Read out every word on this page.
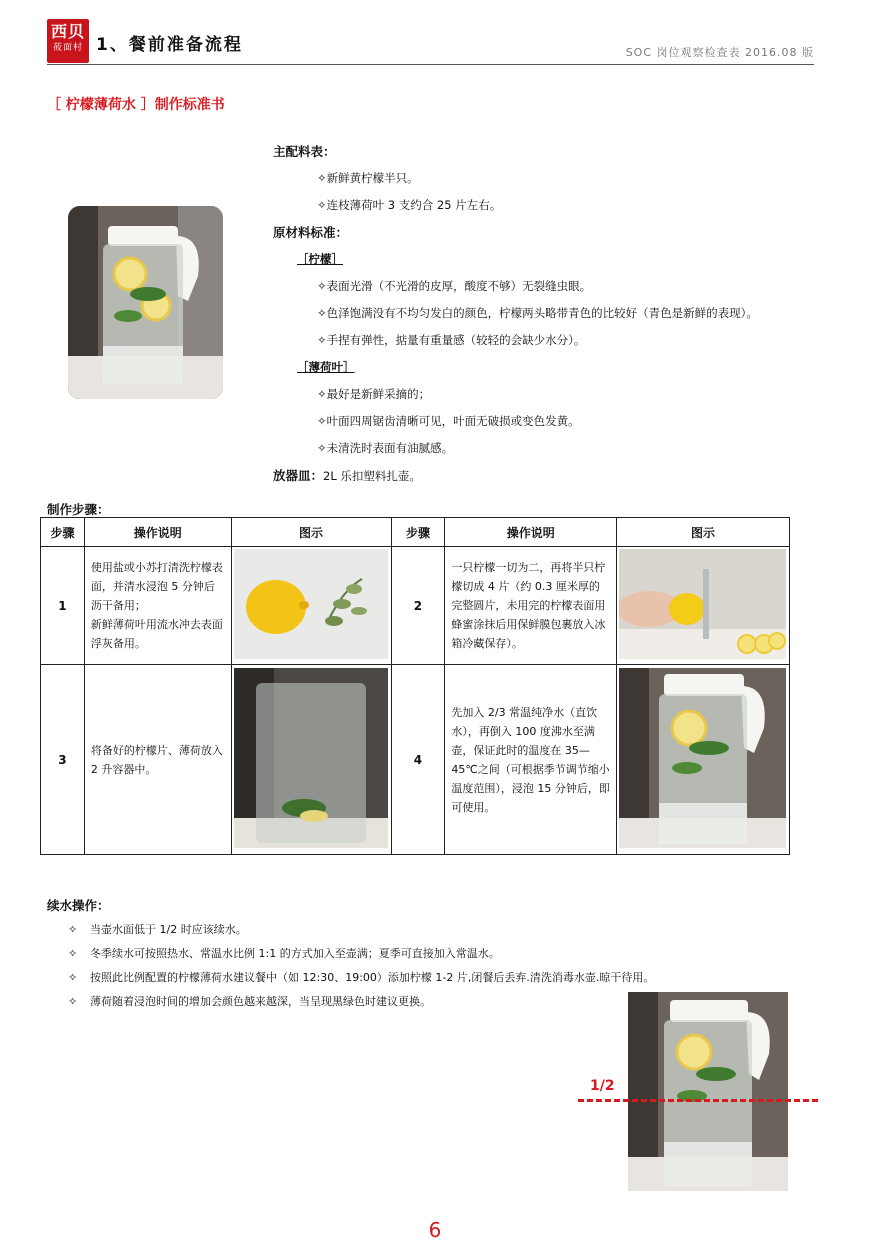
西贝
莜面村 1、餐前准备流程	SOC 岗位观察检查表 2016.08 版
［ 柠檬薄荷水 ］制作标准书
主配料表：
✧新鲜黄柠檬半只。
✧连枝薄荷叶 3 支约合 25 片左右。
原材料标准：
［柠檬］
✧表面光滑（不光滑的皮厚，酸度不够）无裂缝虫眼。
✧色泽饱满没有不均匀发白的颜色，柠檬两头略带青色的比较好（青色是新鲜的表现）。
✧手捏有弹性，掂量有重量感（较轻的会缺少水分）。
［薄荷叶］
✧最好是新鲜采摘的；
✧叶面四周锯齿清晰可见，叶面无破损或变色发黄。
✧未清洗时表面有油腻感。
放器皿：2L 乐扣塑料扎壶。
制作步骤：
步骤	操作说明	图示	步骤	操作说明	图示
1	使用盐或小苏打清洗柠檬表面，并清水浸泡 5 分钟后沥干备用；
新鲜薄荷叶用流水冲去表面浮灰备用。		2	一只柠檬一切为二，再将半只柠檬切成 4 片（约 0.3 厘米厚的完整圆片，未用完的柠檬表面用蜂蜜涂抹后用保鲜膜包裹放入冰箱冷藏保存）。	
3	将备好的柠檬片、薄荷放入 2 升容器中。		4	先加入 2/3 常温纯净水（直饮水），再倒入 100 度沸水至满壶，保证此时的温度在 35—45℃之间（可根据季节调节缩小温度范围），浸泡 15 分钟后，即可使用。	
续水操作：
✧ 当壶水面低于 1/2 时应该续水。
✧ 冬季续水可按照热水、常温水比例 1:1 的方式加入至壶满；夏季可直接加入常温水。
✧ 按照此比例配置的柠檬薄荷水建议餐中（如 12:30、19:00）添加柠檬 1-2 片,闭餐后丢弃.清洗消毒水壶.晾干待用。
✧ 薄荷随着浸泡时间的增加会颜色越来越深，当呈现黑绿色时建议更换。
1/2
6
